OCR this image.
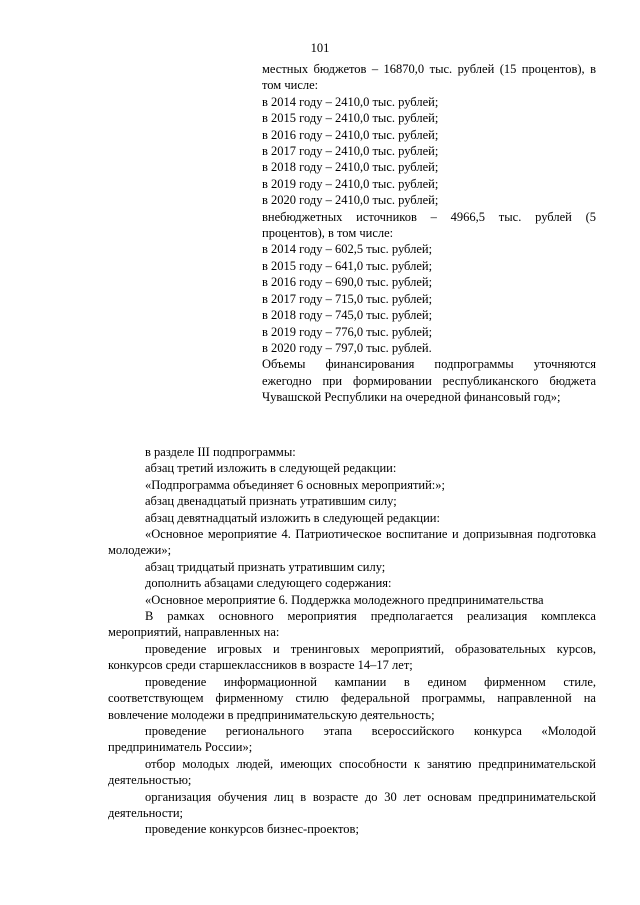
101

местных бюджетов – 16870,0 тыс. рублей (15 процентов), в том числе:

в 2014 году – 2410,0 тыс. рублей;

в 2015 году – 2410,0 тыс. рублей;

в 2016 году – 2410,0 тыс. рублей;

в 2017 году – 2410,0 тыс. рублей;

в 2018 году – 2410,0 тыс. рублей;

в 2019 году – 2410,0 тыс. рублей;

в 2020 году – 2410,0 тыс. рублей;

внебюджетных источников – 4966,5 тыс. рублей (5 процентов), в том числе:

в 2014 году – 602,5 тыс. рублей;

в 2015 году – 641,0 тыс. рублей;

в 2016 году – 690,0 тыс. рублей;

в 2017 году – 715,0 тыс. рублей;

в 2018 году – 745,0 тыс. рублей;

в 2019 году – 776,0 тыс. рублей;

в 2020 году – 797,0 тыс. рублей.

Объемы финансирования подпрограммы уточняются ежегодно при формировании республиканского бюджета Чувашской Республики на очередной финансовый год»;

в разделе III подпрограммы:

абзац третий изложить в следующей редакции:

«Подпрограмма объединяет 6 основных мероприятий:»;

абзац двенадцатый признать утратившим силу;

абзац девятнадцатый изложить в следующей редакции:

«Основное мероприятие 4. Патриотическое воспитание и допризывная подготовка молодежи»;

абзац тридцатый признать утратившим силу;

дополнить абзацами следующего содержания:

«Основное мероприятие 6. Поддержка молодежного предпринимательства

В рамках основного мероприятия предполагается реализация комплекса мероприятий, направленных на:

проведение игровых и тренинговых мероприятий, образовательных курсов, конкурсов среди старшеклассников в возрасте 14–17 лет;

проведение информационной кампании в едином фирменном стиле, соответствующем фирменному стилю федеральной программы, направленной на вовлечение молодежи в предпринимательскую деятельность;

проведение регионального этапа всероссийского конкурса «Молодой предприниматель России»;

отбор молодых людей, имеющих способности к занятию предпринимательской деятельностью;

организация обучения лиц в возрасте до 30 лет основам предпринимательской деятельности;

проведение конкурсов бизнес-проектов;
